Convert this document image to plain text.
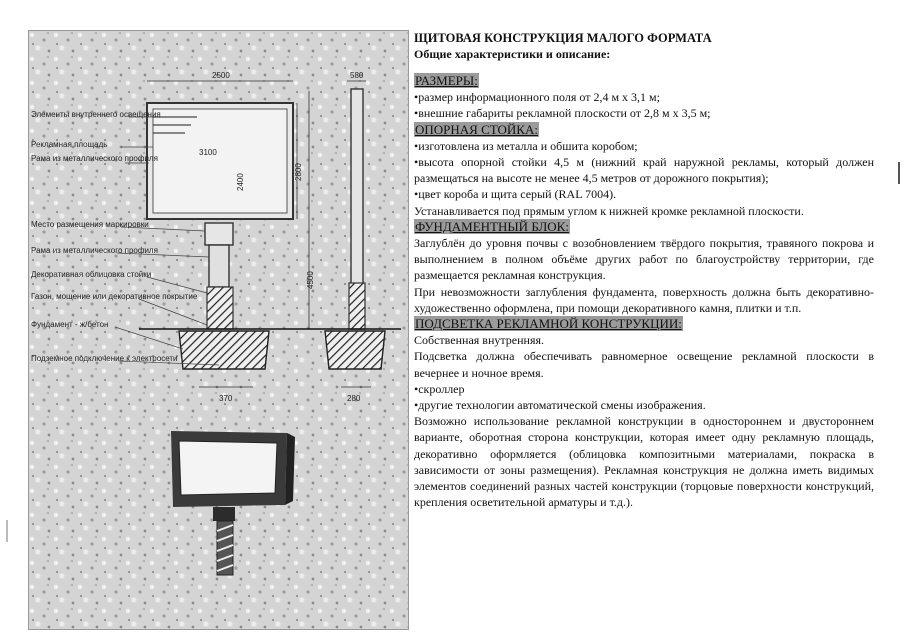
2500	580
3100
2400
2800
4500
370	280
Элементы внутреннего освещения
Рекламная площадь
Рама из металлического профиля
Место размещения маркировки
Рама из металлического профиля
Декоративная облицовка стойки
Газон, мощение или декоративное покрытие
Фундамент - ж/бетон
Подземное подключение к электросети
ЩИТОВАЯ КОНСТРУКЦИЯ МАЛОГО ФОРМАТА
Общие характеристики и описание:
РАЗМЕРЫ:

•размер информационного поля от 2,4 м х 3,1 м;

•внешние габариты рекламной плоскости от 2,8 м х 3,5 м;

ОПОРНАЯ СТОЙКА:

•изготовлена из металла и обшита коробом;

•высота опорной стойки 4,5 м (нижний край наружной рекламы, который должен размещаться на высоте не менее 4,5 метров от дорожного покрытия);

•цвет короба и щита серый (RAL 7004).

Устанавливается под прямым углом к нижней кромке рекламной плоскости.

ФУНДАМЕНТНЫЙ БЛОК:

Заглублён до уровня почвы с возобновлением твёрдого покрытия, травяного покрова и выполнением в полном объёме других работ по благоустройству территории, где размещается рекламная конструкция.

При невозможности заглубления фундамента, поверхность должна быть декоративно-художественно оформлена, при помощи декоративного камня, плитки и т.п.

ПОДСВЕТКА РЕКЛАМНОЙ КОНСТРУКЦИИ:

Собственная внутренняя.

Подсветка должна обеспечивать равномерное освещение рекламной плоскости в вечернее и ночное время.

•скроллер

•другие технологии автоматической смены изображения.

Возможно использование рекламной конструкции в одностороннем и двустороннем варианте, оборотная сторона конструкции, которая имеет одну рекламную площадь, декоративно оформляется (облицовка композитными материалами, покраска в зависимости от зоны размещения). Рекламная конструкция не должна иметь видимых элементов соединений разных частей конструкции (торцовые поверхности конструкций, крепления осветительной арматуры и т.д.).
